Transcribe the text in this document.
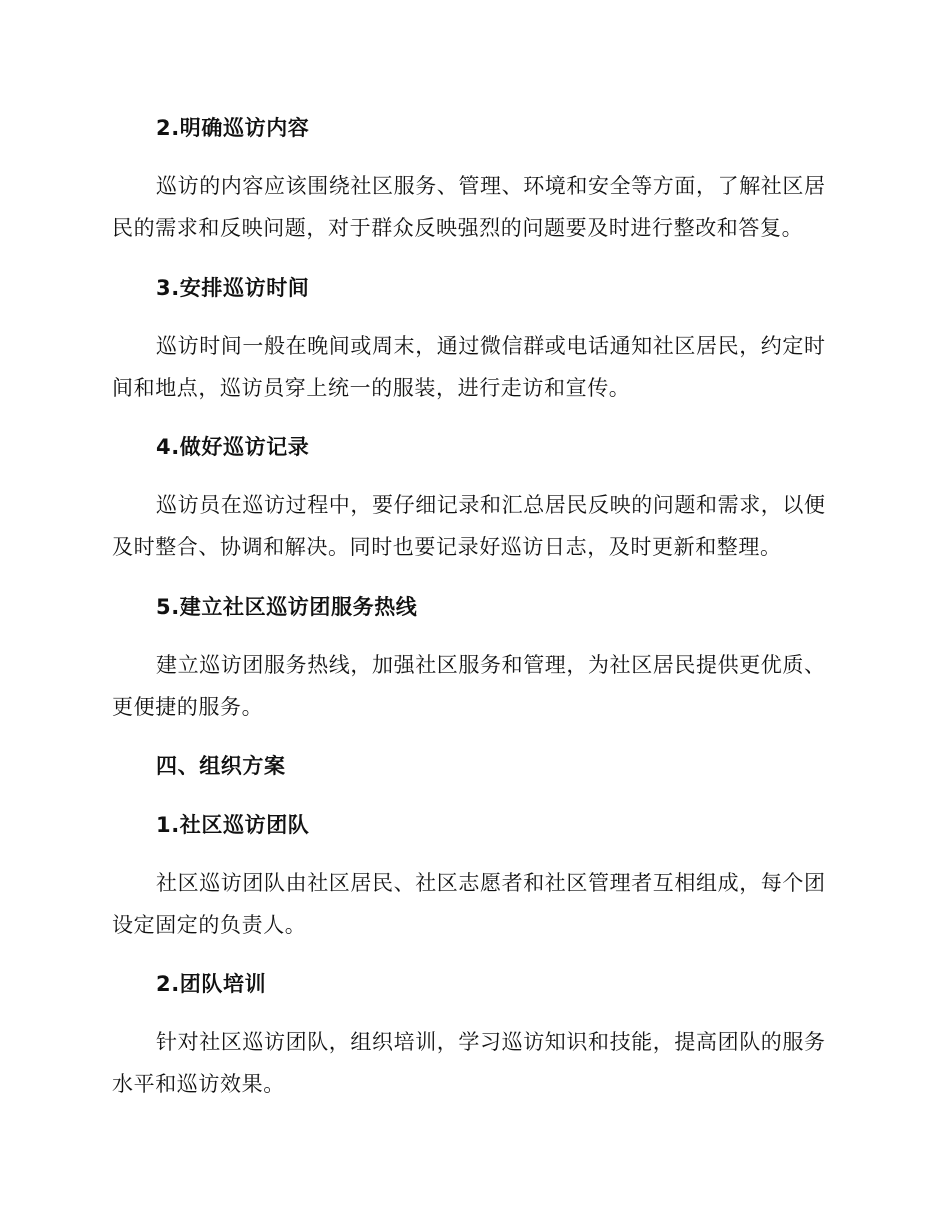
2.明确巡访内容

巡访的内容应该围绕社区服务、管理、环境和安全等方面，了解社区居民的需求和反映问题，对于群众反映强烈的问题要及时进行整改和答复。

3.安排巡访时间

巡访时间一般在晚间或周末，通过微信群或电话通知社区居民，约定时间和地点，巡访员穿上统一的服装，进行走访和宣传。

4.做好巡访记录

巡访员在巡访过程中，要仔细记录和汇总居民反映的问题和需求，以便及时整合、协调和解决。同时也要记录好巡访日志，及时更新和整理。

5.建立社区巡访团服务热线

建立巡访团服务热线，加强社区服务和管理，为社区居民提供更优质、更便捷的服务。

四、组织方案
1.社区巡访团队

社区巡访团队由社区居民、社区志愿者和社区管理者互相组成，每个团设定固定的负责人。

2.团队培训

针对社区巡访团队，组织培训，学习巡访知识和技能，提高团队的服务水平和巡访效果。
